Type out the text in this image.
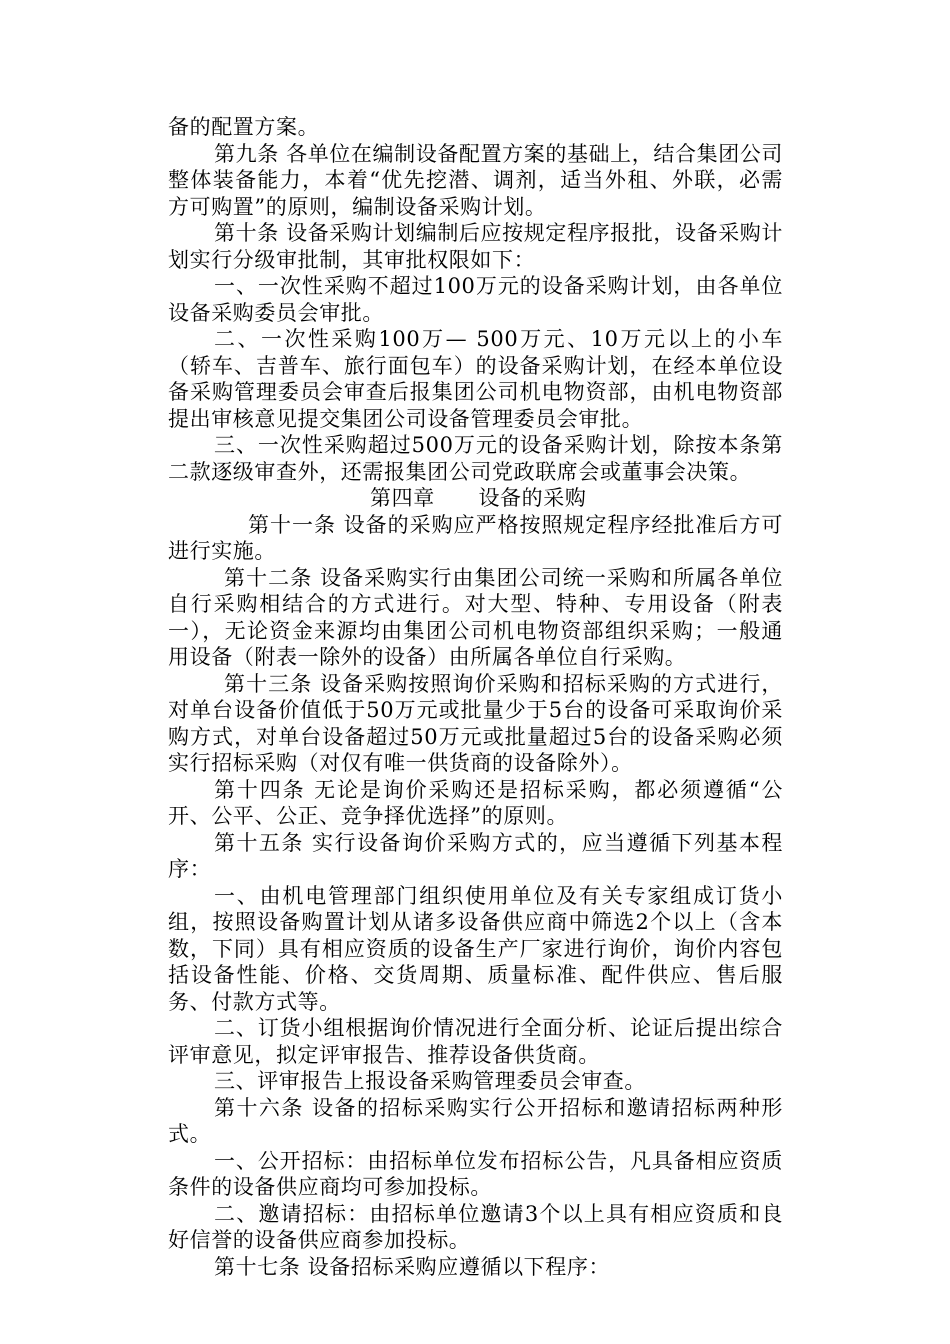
备的配置方案。

第九条 各单位在编制设备配置方案的基础上，结合集团公司整体装备能力，本着“优先挖潜、调剂，适当外租、外联，必需方可购置”的原则，编制设备采购计划。

第十条 设备采购计划编制后应按规定程序报批，设备采购计划实行分级审批制，其审批权限如下：

一、一次性采购不超过100万元的设备采购计划，由各单位设备采购委员会审批。

二、一次性采购100万— 500万元、10万元以上的小车（轿车、吉普车、旅行面包车）的设备采购计划，在经本单位设备采购管理委员会审查后报集团公司机电物资部，由机电物资部提出审核意见提交集团公司设备管理委员会审批。

三、一次性采购超过500万元的设备采购计划，除按本条第二款逐级审查外，还需报集团公司党政联席会或董事会决策。

第四章      设备的采购

第十一条 设备的采购应严格按照规定程序经批准后方可进行实施。

第十二条 设备采购实行由集团公司统一采购和所属各单位自行采购相结合的方式进行。对大型、特种、专用设备（附表一），无论资金来源均由集团公司机电物资部组织采购；一般通用设备（附表一除外的设备）由所属各单位自行采购。

第十三条 设备采购按照询价采购和招标采购的方式进行，对单台设备价值低于50万元或批量少于5台的设备可采取询价采购方式，对单台设备超过50万元或批量超过5台的设备采购必须实行招标采购（对仅有唯一供货商的设备除外）。

第十四条 无论是询价采购还是招标采购，都必须遵循“公开、公平、公正、竞争择优选择”的原则。

第十五条 实行设备询价采购方式的，应当遵循下列基本程序：

一、由机电管理部门组织使用单位及有关专家组成订货小组，按照设备购置计划从诸多设备供应商中筛选2个以上（含本数，下同）具有相应资质的设备生产厂家进行询价，询价内容包括设备性能、价格、交货周期、质量标准、配件供应、售后服务、付款方式等。

二、订货小组根据询价情况进行全面分析、论证后提出综合评审意见，拟定评审报告、推荐设备供货商。

三、评审报告上报设备采购管理委员会审查。

第十六条 设备的招标采购实行公开招标和邀请招标两种形式。

一、公开招标：由招标单位发布招标公告，凡具备相应资质条件的设备供应商均可参加投标。

二、邀请招标：由招标单位邀请3个以上具有相应资质和良好信誉的设备供应商参加投标。

第十七条 设备招标采购应遵循以下程序：
